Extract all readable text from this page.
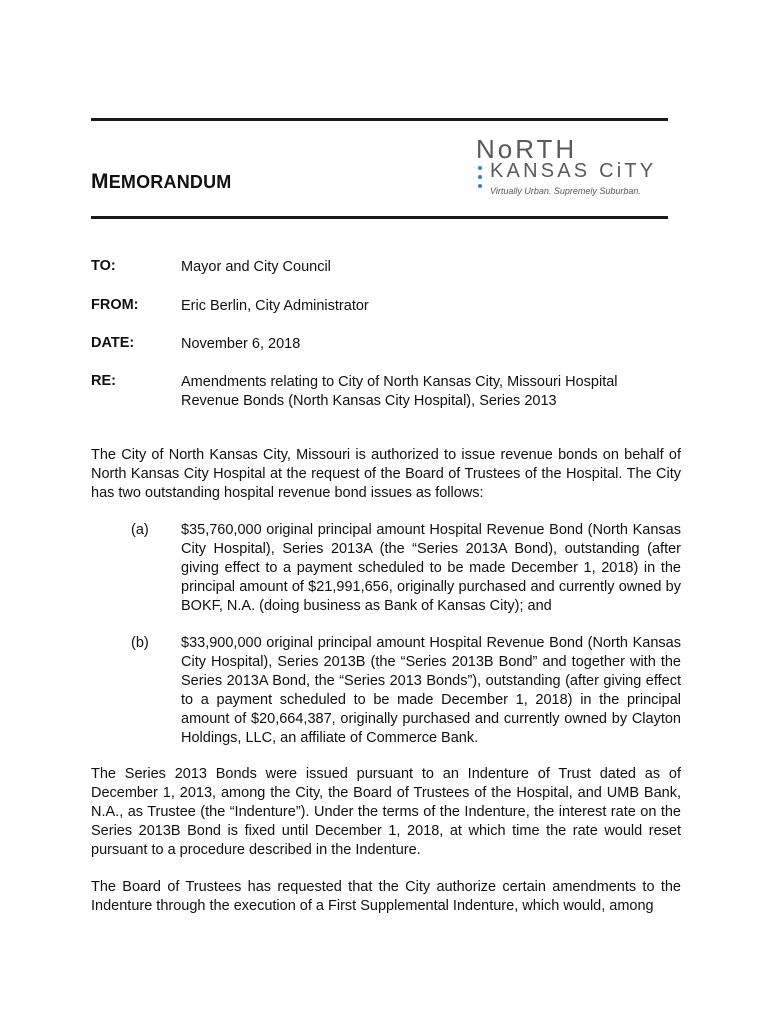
MEMORANDUM
NoRTH
KANSAS CiTY
Virtually Urban. Supremely Suburban.
TO:	Mayor and City Council
FROM:	Eric Berlin, City Administrator
DATE:	November 6, 2018
RE:	Amendments relating to City of North Kansas City, Missouri Hospital Revenue Bonds (North Kansas City Hospital), Series 2013
The City of North Kansas City, Missouri is authorized to issue revenue bonds on behalf of North Kansas City Hospital at the request of the Board of Trustees of the Hospital. The City has two outstanding hospital revenue bond issues as follows:
(a) $35,760,000 original principal amount Hospital Revenue Bond (North Kansas City Hospital), Series 2013A (the “Series 2013A Bond), outstanding (after giving effect to a payment scheduled to be made December 1, 2018) in the principal amount of $21,991,656, originally purchased and currently owned by BOKF, N.A. (doing business as Bank of Kansas City); and
(b) $33,900,000 original principal amount Hospital Revenue Bond (North Kansas City Hospital), Series 2013B (the “Series 2013B Bond” and together with the Series 2013A Bond, the “Series 2013 Bonds”), outstanding (after giving effect to a payment scheduled to be made December 1, 2018) in the principal amount of $20,664,387, originally purchased and currently owned by Clayton Holdings, LLC, an affiliate of Commerce Bank.
The Series 2013 Bonds were issued pursuant to an Indenture of Trust dated as of December 1, 2013, among the City, the Board of Trustees of the Hospital, and UMB Bank, N.A., as Trustee (the “Indenture”). Under the terms of the Indenture, the interest rate on the Series 2013B Bond is fixed until December 1, 2018, at which time the rate would reset pursuant to a procedure described in the Indenture.
The Board of Trustees has requested that the City authorize certain amendments to the Indenture through the execution of a First Supplemental Indenture, which would, among
